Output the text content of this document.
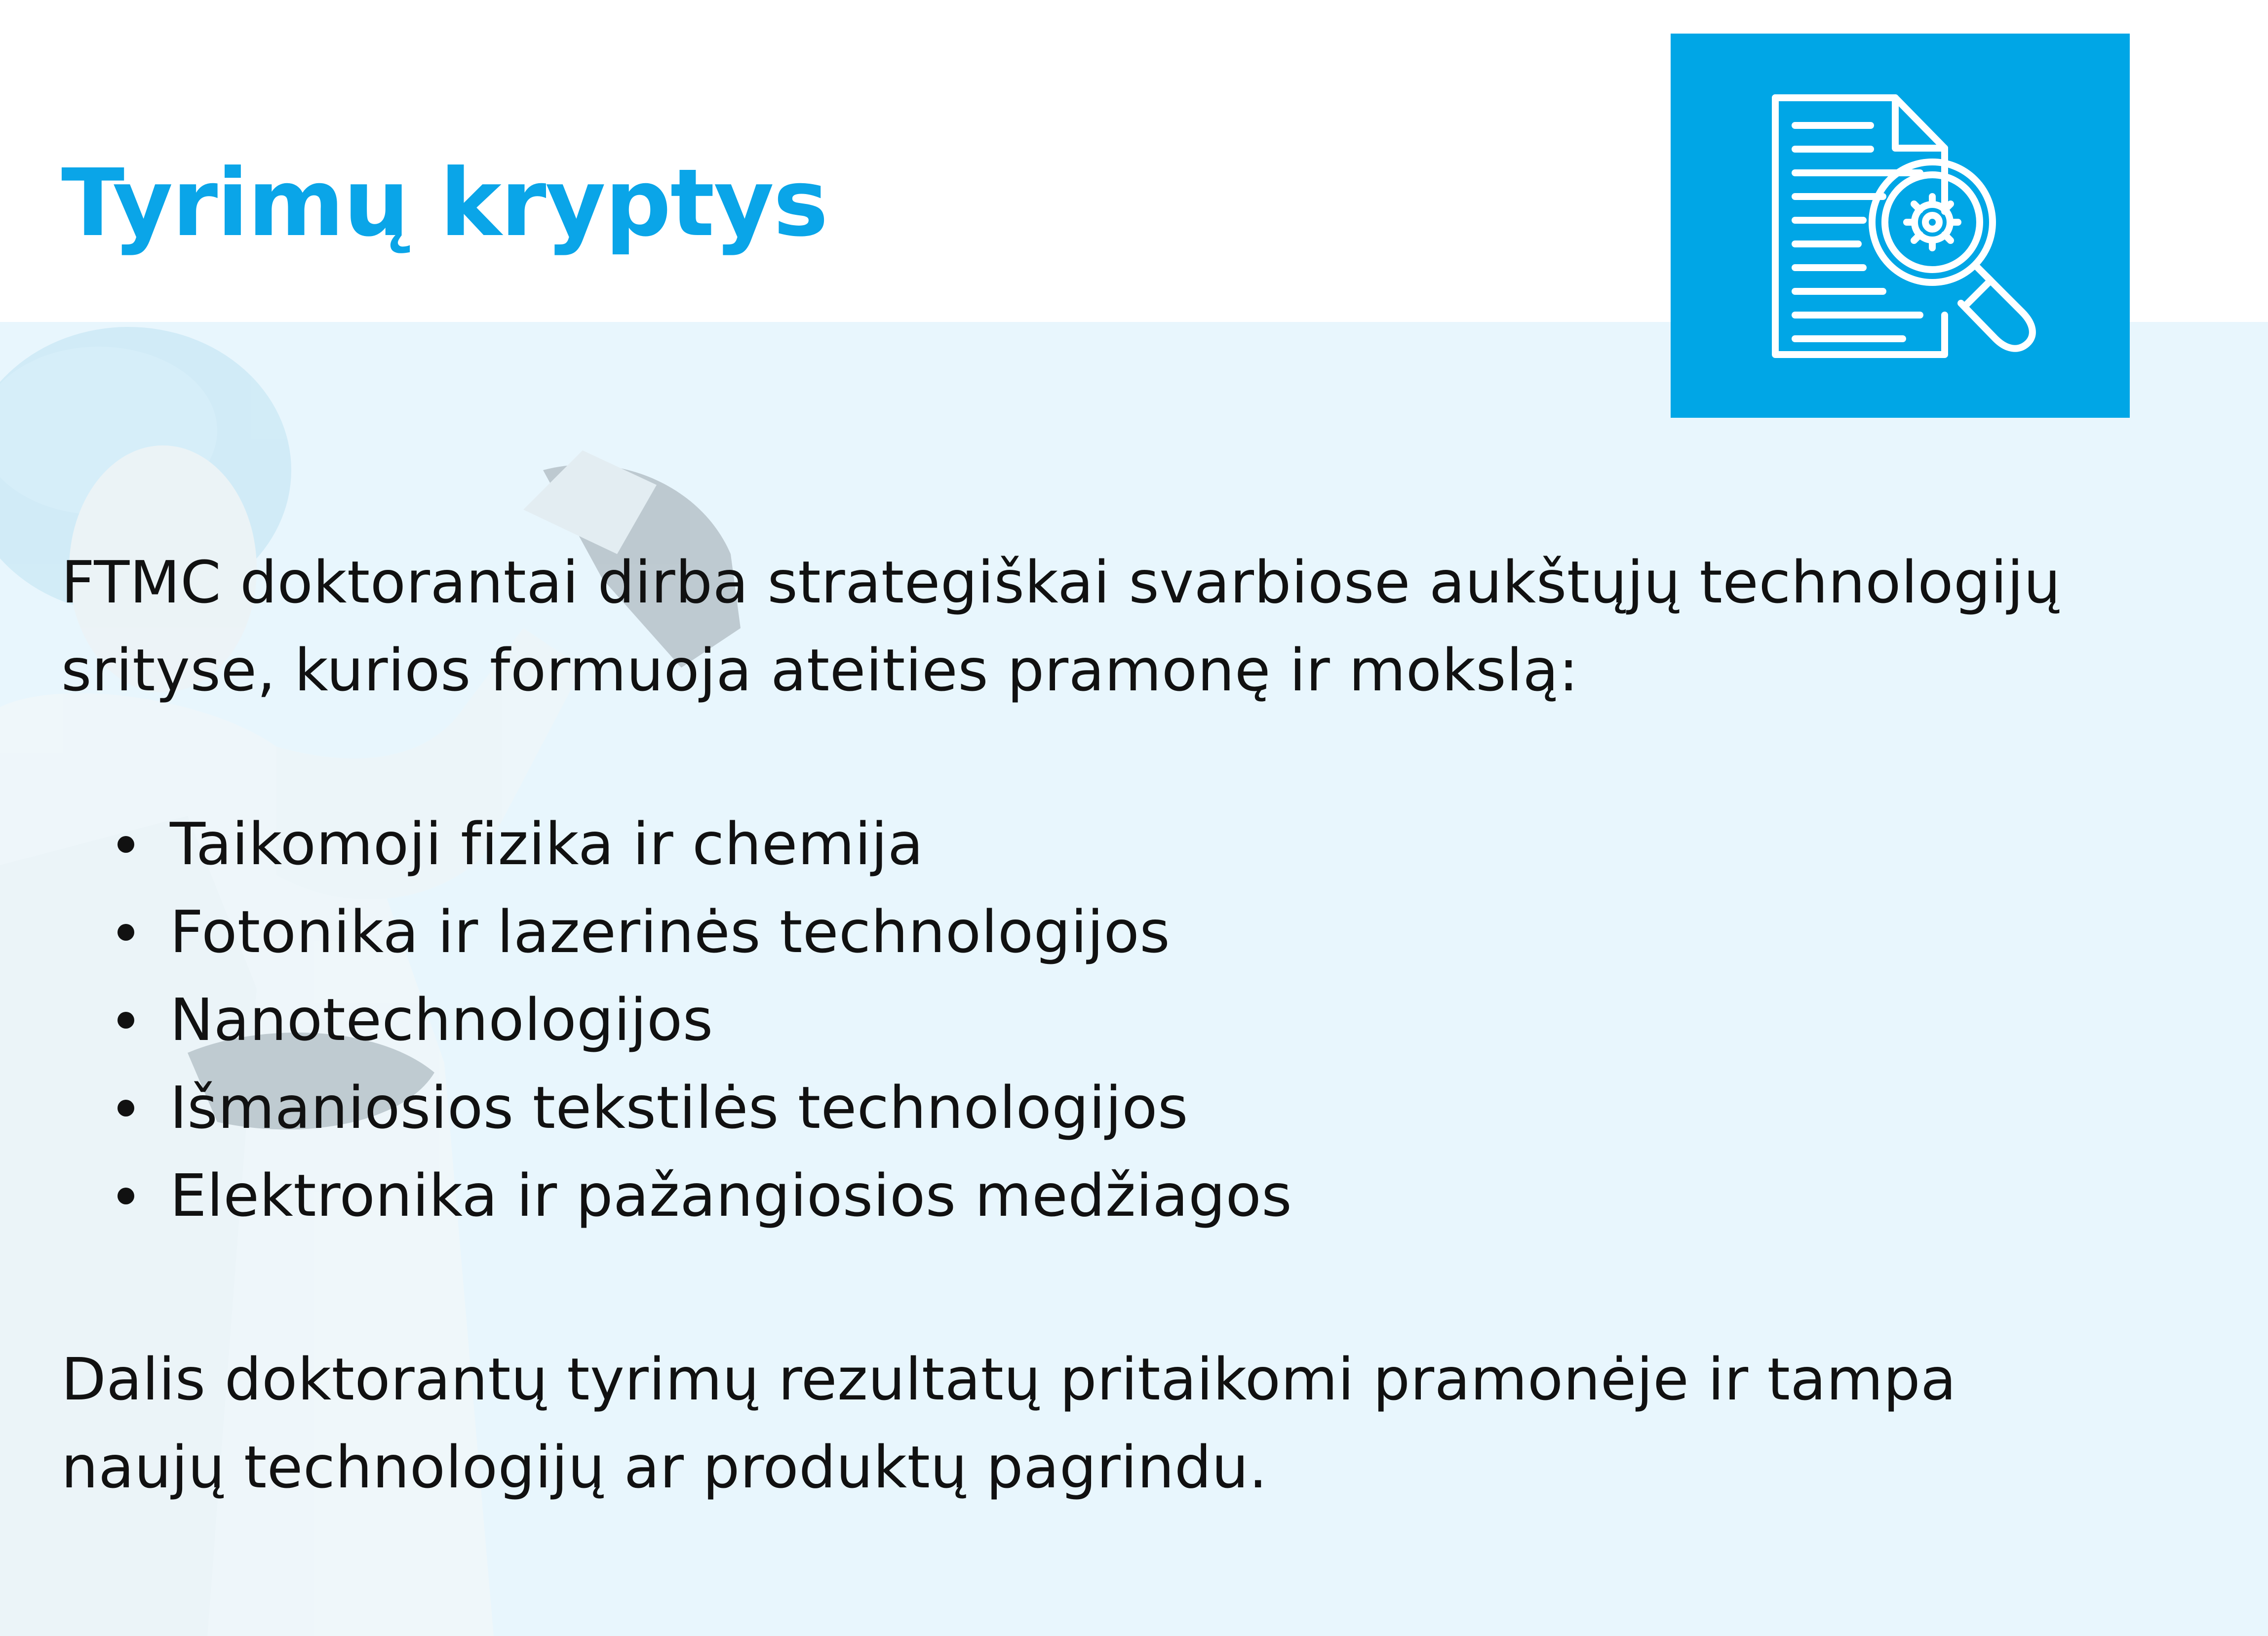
Tyrimų kryptys

FTMC doktorantai dirba strategiškai svarbiose aukštųjų technologijų srityse, kurios formuoja ateities pramonę ir mokslą:

Taikomoji fizika ir chemija
Fotonika ir lazerinės technologijos
Nanotechnologijos
Išmaniosios tekstilės technologijos
Elektronika ir pažangiosios medžiagos

Dalis doktorantų tyrimų rezultatų pritaikomi pramonėje ir tampa naujų technologijų ar produktų pagrindu.
